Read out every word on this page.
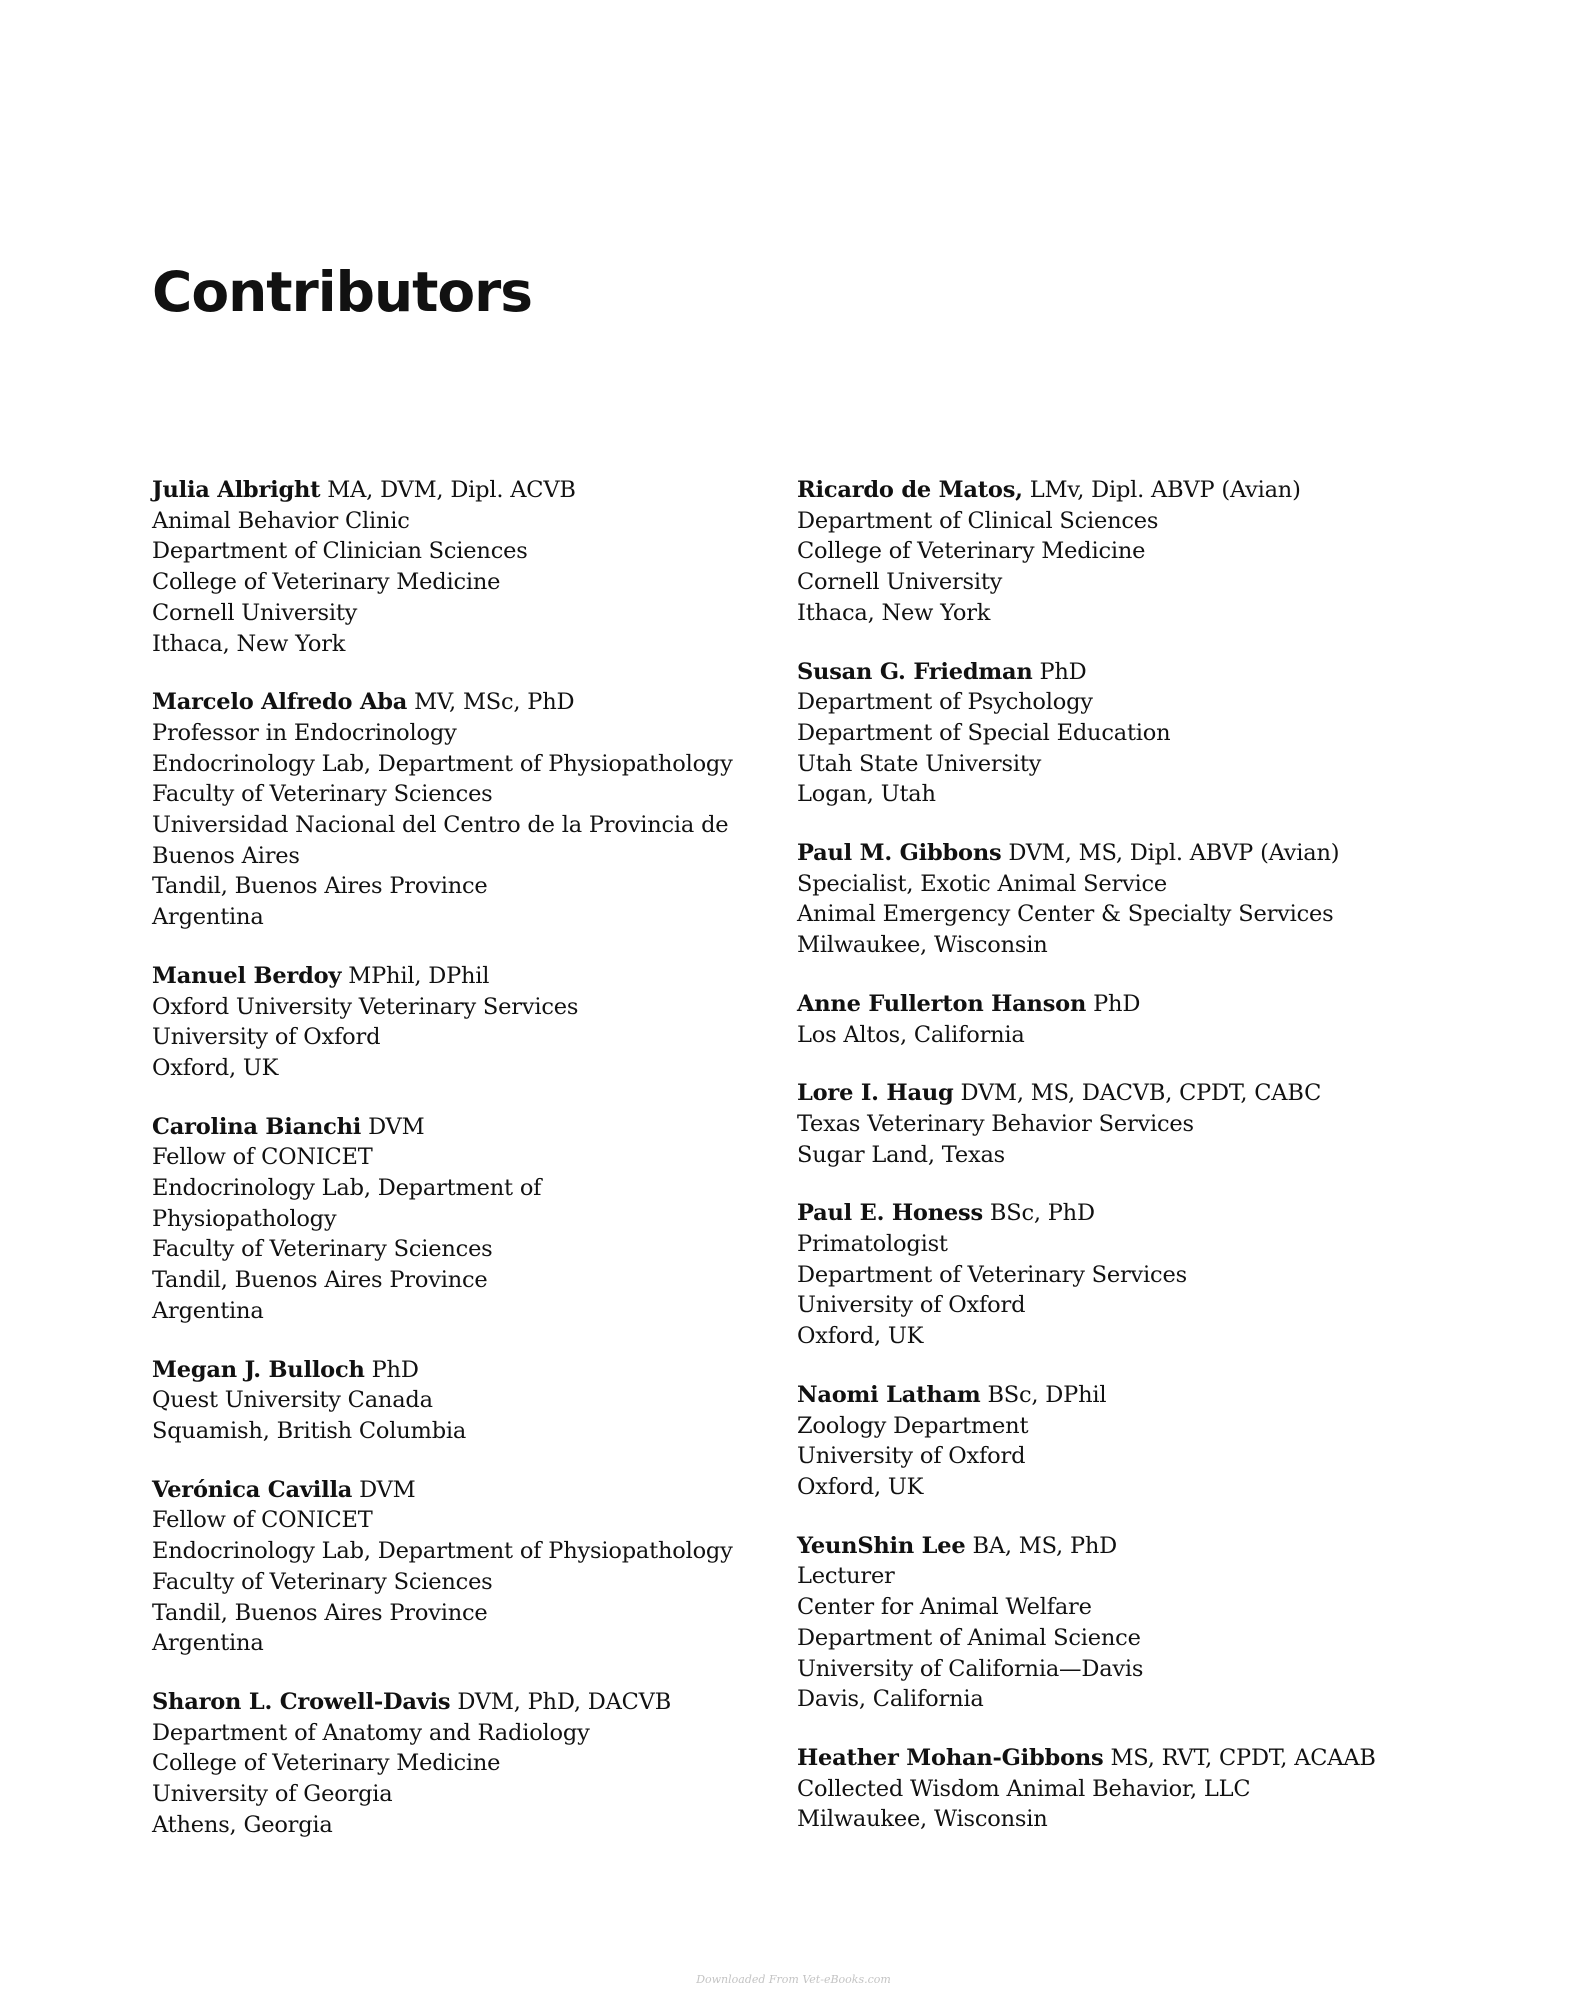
Contributors
Julia Albright MA, DVM, Dipl. ACVB
Animal Behavior Clinic
Department of Clinician Sciences
College of Veterinary Medicine
Cornell University
Ithaca, New York
Marcelo Alfredo Aba MV, MSc, PhD
Professor in Endocrinology
Endocrinology Lab, Department of Physiopathology
Faculty of Veterinary Sciences
Universidad Nacional del Centro de la Provincia de
Buenos Aires
Tandil, Buenos Aires Province
Argentina
Manuel Berdoy MPhil, DPhil
Oxford University Veterinary Services
University of Oxford
Oxford, UK
Carolina Bianchi DVM
Fellow of CONICET
Endocrinology Lab, Department of
Physiopathology
Faculty of Veterinary Sciences
Tandil, Buenos Aires Province
Argentina
Megan J. Bulloch PhD
Quest University Canada
Squamish, British Columbia
Verónica Cavilla DVM
Fellow of CONICET
Endocrinology Lab, Department of Physiopathology
Faculty of Veterinary Sciences
Tandil, Buenos Aires Province
Argentina
Sharon L. Crowell-Davis DVM, PhD, DACVB
Department of Anatomy and Radiology
College of Veterinary Medicine
University of Georgia
Athens, Georgia
Ricardo de Matos, LMv, Dipl. ABVP (Avian)
Department of Clinical Sciences
College of Veterinary Medicine
Cornell University
Ithaca, New York
Susan G. Friedman PhD
Department of Psychology
Department of Special Education
Utah State University
Logan, Utah
Paul M. Gibbons DVM, MS, Dipl. ABVP (Avian)
Specialist, Exotic Animal Service
Animal Emergency Center & Specialty Services
Milwaukee, Wisconsin
Anne Fullerton Hanson PhD
Los Altos, California
Lore I. Haug DVM, MS, DACVB, CPDT, CABC
Texas Veterinary Behavior Services
Sugar Land, Texas
Paul E. Honess BSc, PhD
Primatologist
Department of Veterinary Services
University of Oxford
Oxford, UK
Naomi Latham BSc, DPhil
Zoology Department
University of Oxford
Oxford, UK
YeunShin Lee BA, MS, PhD
Lecturer
Center for Animal Welfare
Department of Animal Science
University of California—Davis
Davis, California
Heather Mohan-Gibbons MS, RVT, CPDT, ACAAB
Collected Wisdom Animal Behavior, LLC
Milwaukee, Wisconsin
Downloaded From Vet-eBooks.com
